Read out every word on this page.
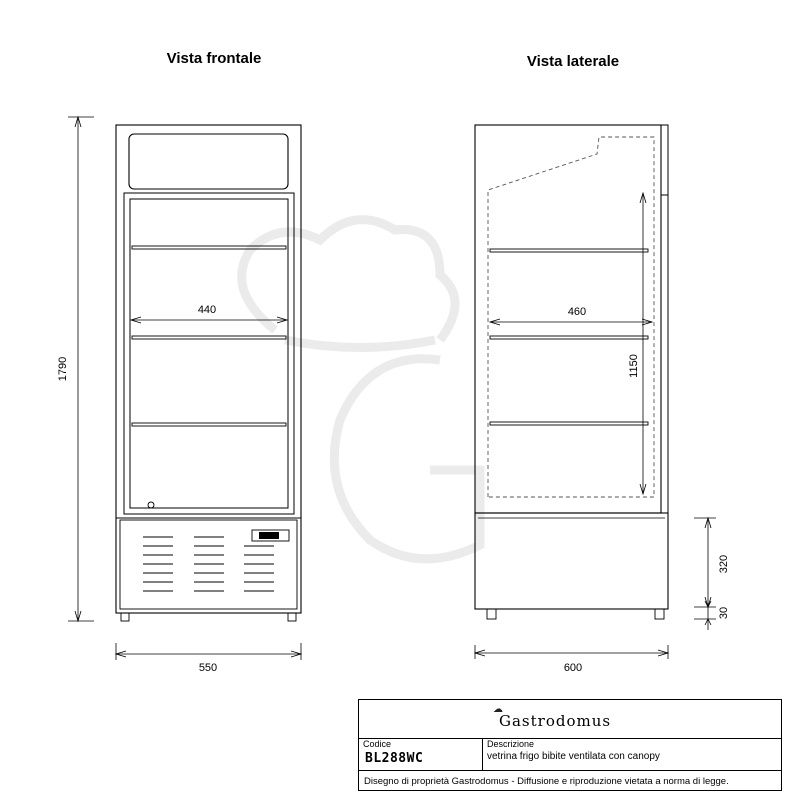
Vista frontale	Vista laterale
1790
440
550
460
1150
320
30
600
☁
Gastrodomus
Codice
BL288WC
Descrizione
vetrina frigo bibite ventilata con canopy
Disegno di proprietà Gastrodomus - Diffusione e riproduzione vietata a norma di legge.
